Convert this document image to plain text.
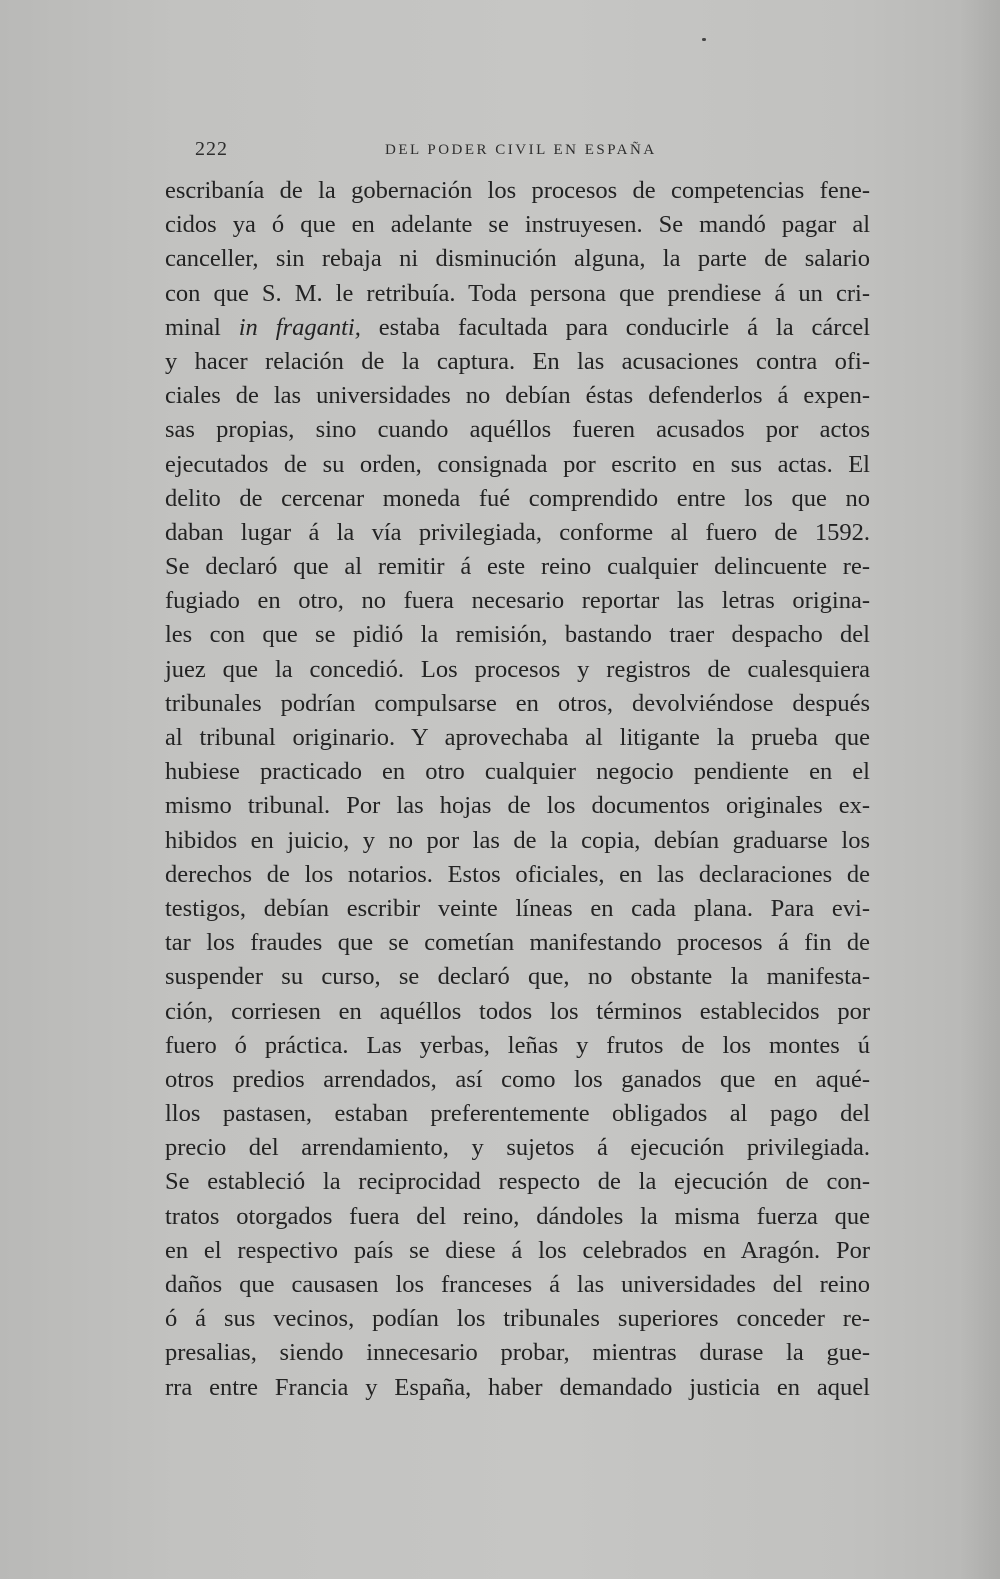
222	DEL PODER CIVIL EN ESPAÑA
escribanía de la gobernación los procesos de competencias fene-
cidos ya ó que en adelante se instruyesen. Se mandó pagar al
canceller, sin rebaja ni disminución alguna, la parte de salario
con que S. M. le retribuía. Toda persona que prendiese á un cri-
minal in fraganti, estaba facultada para conducirle á la cárcel
y hacer relación de la captura. En las acusaciones contra ofi-
ciales de las universidades no debían éstas defenderlos á expen-
sas propias, sino cuando aquéllos fueren acusados por actos
ejecutados de su orden, consignada por escrito en sus actas. El
delito de cercenar moneda fué comprendido entre los que no
daban lugar á la vía privilegiada, conforme al fuero de 1592.
Se declaró que al remitir á este reino cualquier delincuente re-
fugiado en otro, no fuera necesario reportar las letras origina-
les con que se pidió la remisión, bastando traer despacho del
juez que la concedió. Los procesos y registros de cualesquiera
tribunales podrían compulsarse en otros, devolviéndose después
al tribunal originario. Y aprovechaba al litigante la prueba que
hubiese practicado en otro cualquier negocio pendiente en el
mismo tribunal. Por las hojas de los documentos originales ex-
hibidos en juicio, y no por las de la copia, debían graduarse los
derechos de los notarios. Estos oficiales, en las declaraciones de
testigos, debían escribir veinte líneas en cada plana. Para evi-
tar los fraudes que se cometían manifestando procesos á fin de
suspender su curso, se declaró que, no obstante la manifesta-
ción, corriesen en aquéllos todos los términos establecidos por
fuero ó práctica. Las yerbas, leñas y frutos de los montes ú
otros predios arrendados, así como los ganados que en aqué-
llos pastasen, estaban preferentemente obligados al pago del
precio del arrendamiento, y sujetos á ejecución privilegiada.
Se estableció la reciprocidad respecto de la ejecución de con-
tratos otorgados fuera del reino, dándoles la misma fuerza que
en el respectivo país se diese á los celebrados en Aragón. Por
daños que causasen los franceses á las universidades del reino
ó á sus vecinos, podían los tribunales superiores conceder re-
presalias, siendo innecesario probar, mientras durase la gue-
rra entre Francia y España, haber demandado justicia en aquel
